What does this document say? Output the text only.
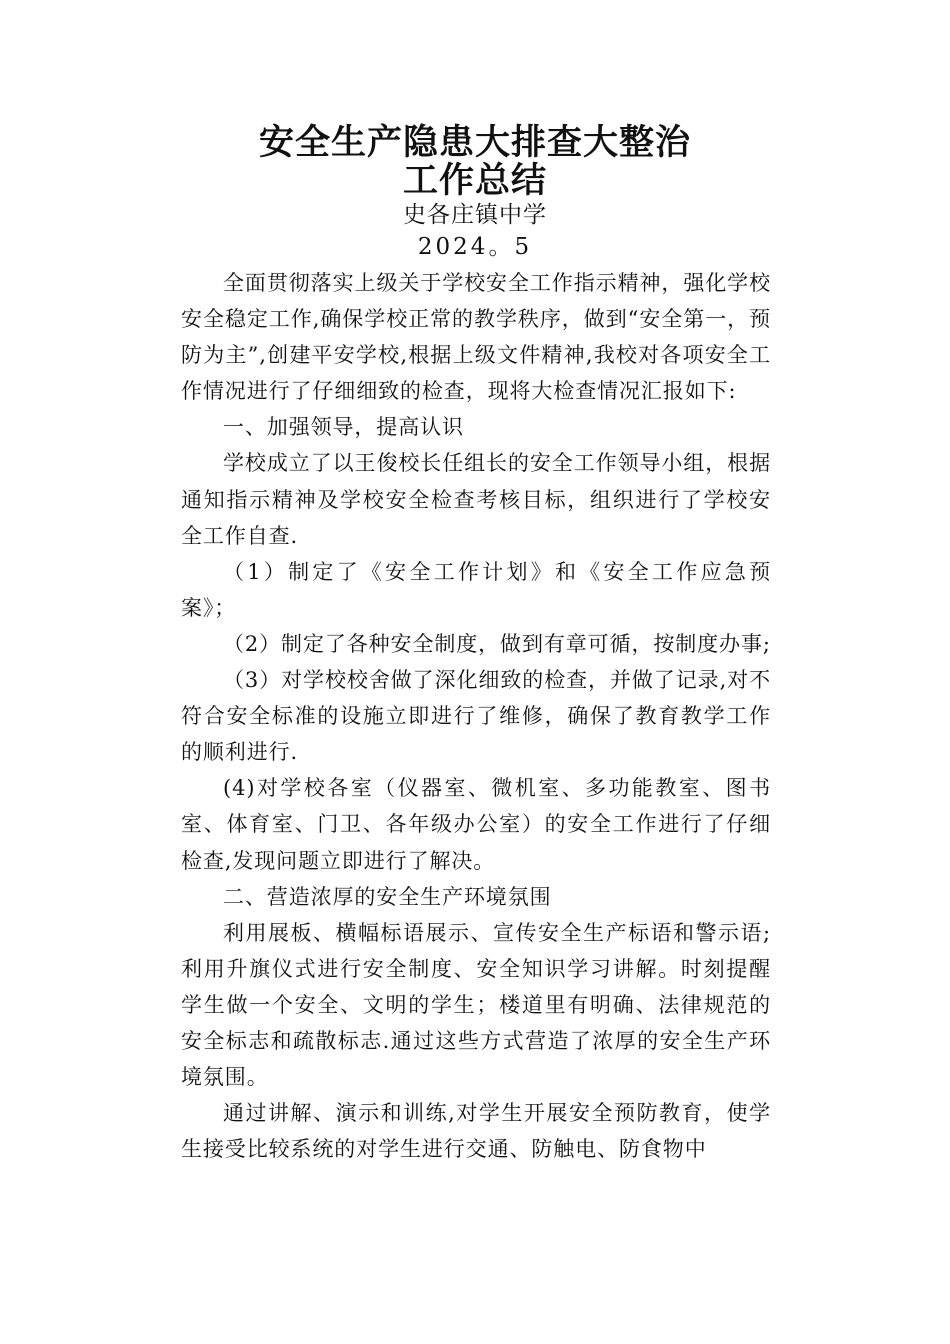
安全生产隐患大排查大整治
工作总结
史各庄镇中学
2024。5

全面贯彻落实上级关于学校安全工作指示精神，强化学校安全稳定工作,确保学校正常的教学秩序，做到“安全第一，预防为主”,创建平安学校,根据上级文件精神,我校对各项安全工作情况进行了仔细细致的检查，现将大检查情况汇报如下:

一、加强领导，提高认识

学校成立了以王俊校长任组长的安全工作领导小组，根据通知指示精神及学校安全检查考核目标，组织进行了学校安全工作自查.

（1）制定了《安全工作计划》和《安全工作应急预案》；

（2）制定了各种安全制度，做到有章可循，按制度办事;

（3）对学校校舍做了深化细致的检查，并做了记录,对不符合安全标准的设施立即进行了维修，确保了教育教学工作的顺利进行.

(4)对学校各室（仪器室、微机室、多功能教室、图书室、体育室、门卫、各年级办公室）的安全工作进行了仔细检查,发现问题立即进行了解决。

二、营造浓厚的安全生产环境氛围

利用展板、横幅标语展示、宣传安全生产标语和警示语;利用升旗仪式进行安全制度、安全知识学习讲解。时刻提醒学生做一个安全、文明的学生；楼道里有明确、法律规范的安全标志和疏散标志.通过这些方式营造了浓厚的安全生产环境氛围。

通过讲解、演示和训练,对学生开展安全预防教育，使学生接受比较系统的对学生进行交通、防触电、防食物中
